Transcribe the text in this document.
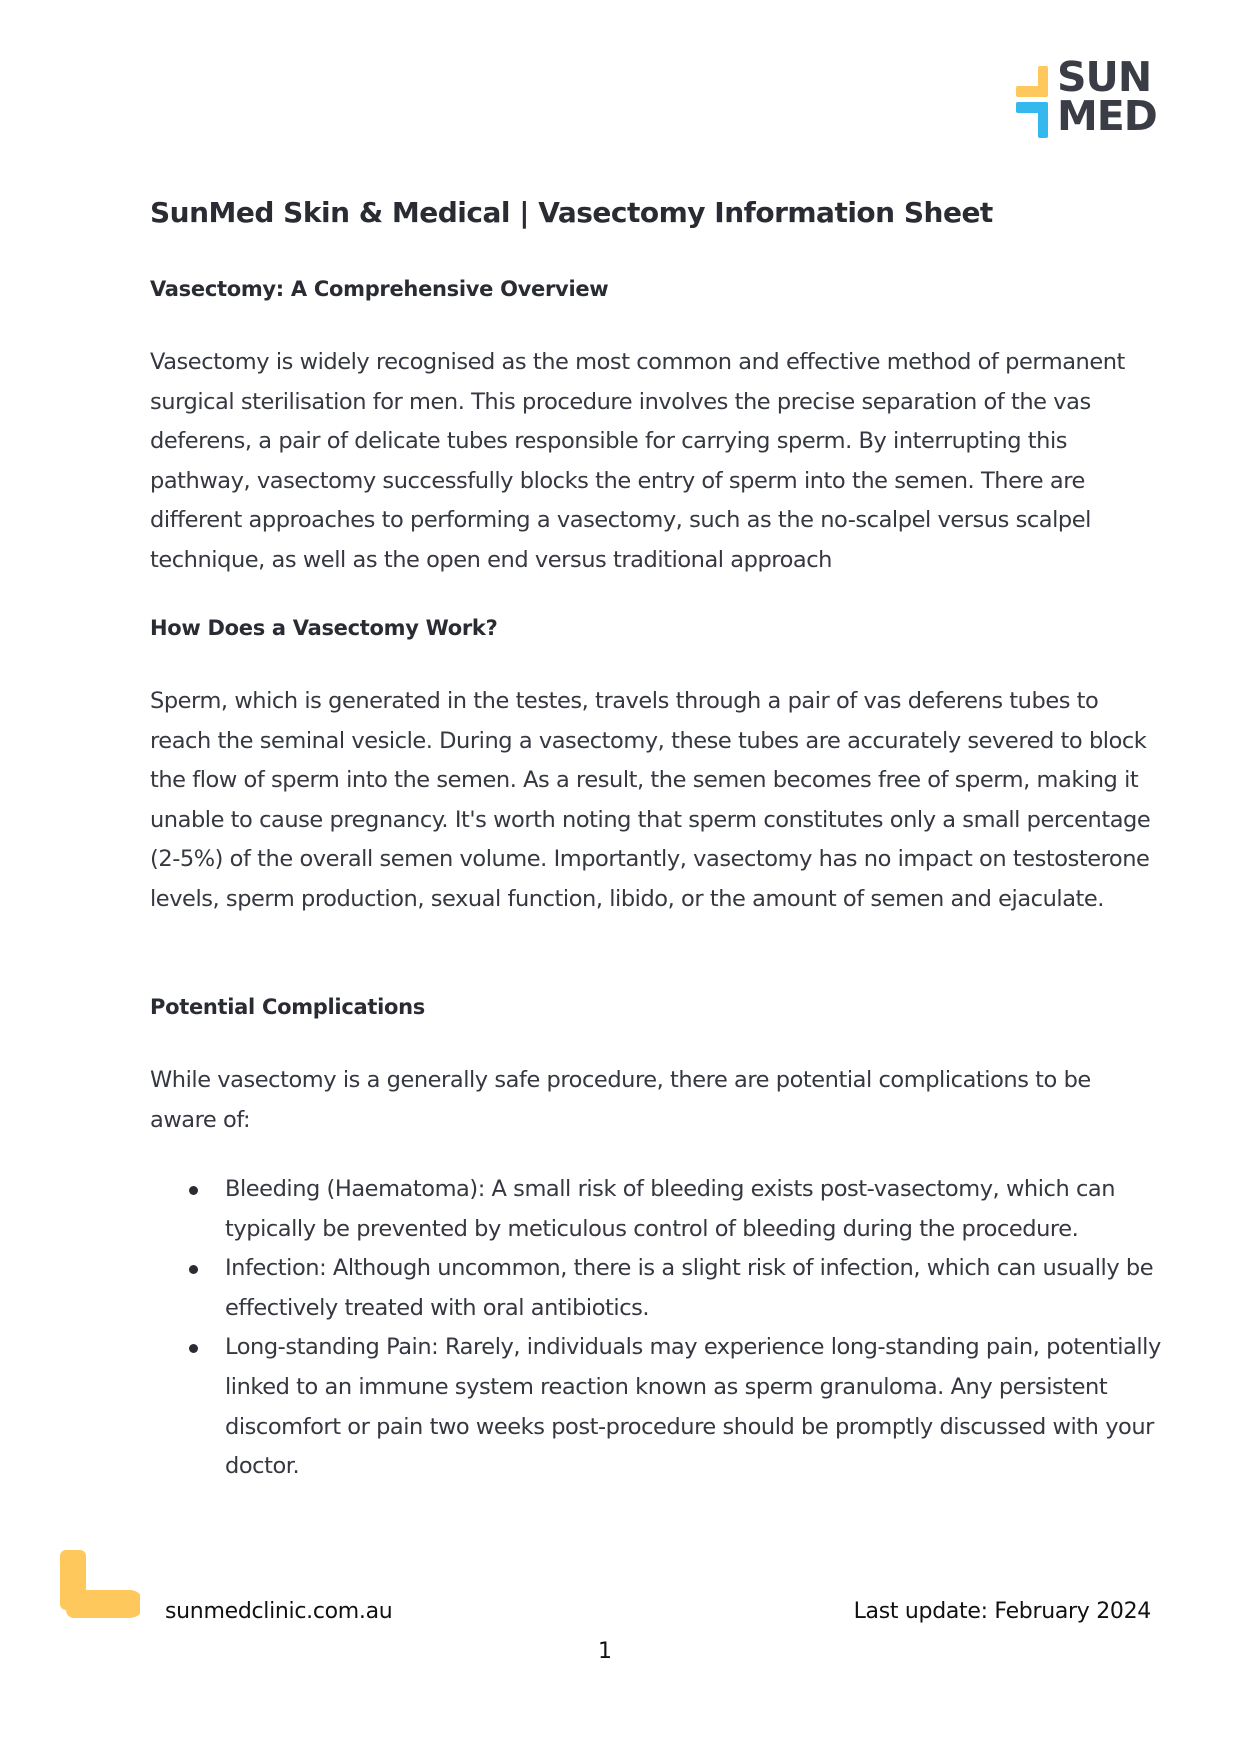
SUN
MED
SunMed Skin & Medical | Vasectomy Information Sheet
Vasectomy: A Comprehensive Overview

Vasectomy is widely recognised as the most common and effective method of permanent surgical sterilisation for men. This procedure involves the precise separation of the vas deferens, a pair of delicate tubes responsible for carrying sperm. By interrupting this pathway, vasectomy successfully blocks the entry of sperm into the semen. There are different approaches to performing a vasectomy, such as the no-scalpel versus scalpel technique, as well as the open end versus traditional approach

How Does a Vasectomy Work?

Sperm, which is generated in the testes, travels through a pair of vas deferens tubes to reach the seminal vesicle. During a vasectomy, these tubes are accurately severed to block the flow of sperm into the semen. As a result, the semen becomes free of sperm, making it unable to cause pregnancy. It's worth noting that sperm constitutes only a small percentage (2-5%) of the overall semen volume. Importantly, vasectomy has no impact on testosterone levels, sperm production, sexual function, libido, or the amount of semen and ejaculate.

Potential Complications

While vasectomy is a generally safe procedure, there are potential complications to be aware of:

Bleeding (Haematoma): A small risk of bleeding exists post-vasectomy, which can typically be prevented by meticulous control of bleeding during the procedure.
Infection: Although uncommon, there is a slight risk of infection, which can usually be effectively treated with oral antibiotics.
Long-standing Pain: Rarely, individuals may experience long-standing pain, potentially linked to an immune system reaction known as sperm granuloma. Any persistent discomfort or pain two weeks post-procedure should be promptly discussed with your doctor.
sunmedclinic.com.au	Last update: February 2024
1
